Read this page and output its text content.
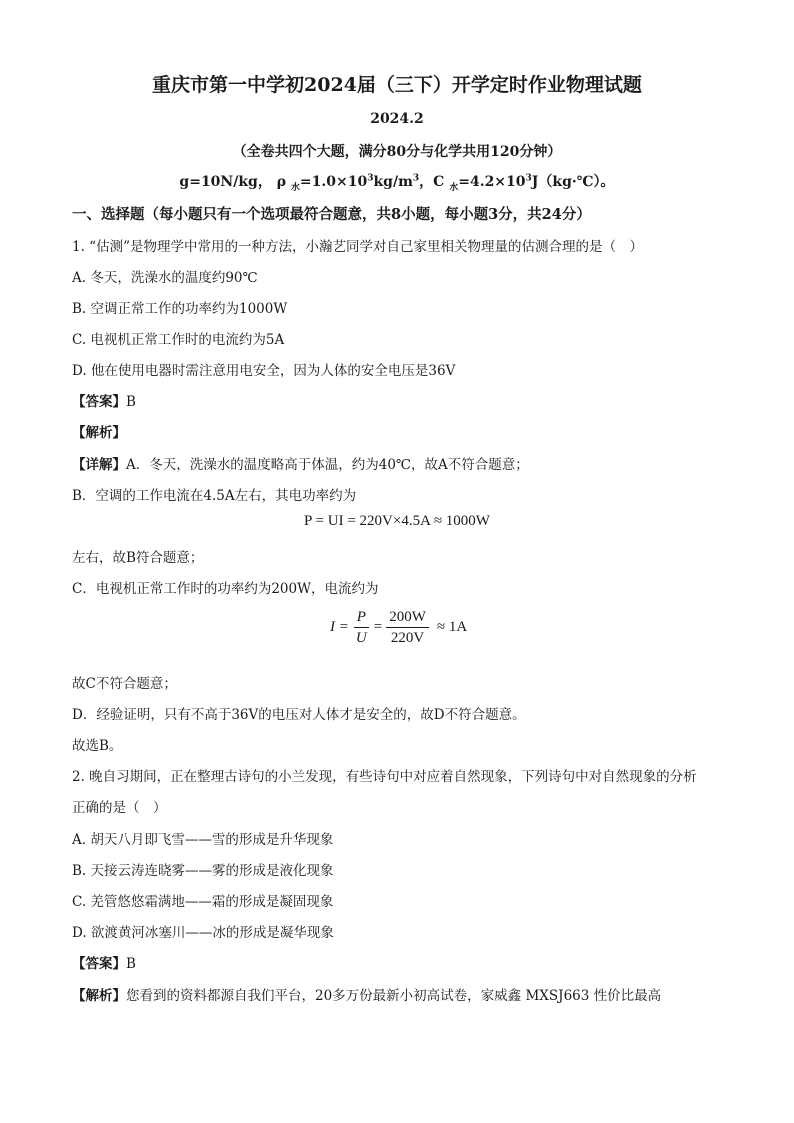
重庆市第一中学初2024届（三下）开学定时作业物理试题
2024.2
（全卷共四个大题，满分80分与化学共用120分钟）
g=10N/kg， ρ $_水=1.0\times 10^3kg/m^3$，C $_水=4.2\times 10^3J(kg\cdot℃)$。
一、选择题（每小题只有一个选项最符合题意，共8小题，每小题3分，共24分）
1. “估测”是物理学中常用的一种方法，小瀚艺同学对自己家里相关物理量的估测合理的是（　）
A. 冬天，洗澡水的温度约90℃
B. 空调正常工作的功率约为1000W
C. 电视机正常工作时的电流约为5A
D. 他在使用电器时需注意用电安全，因为人体的安全电压是36V
【答案】B
【解析】
【详解】A．冬天，洗澡水的温度略高于体温，约为40℃，故A不符合题意；
B．空调的工作电流在4.5A左右，其电功率约为
P = UI = 220V×4.5A ≈ 1000W
左右，故B符合题意；
C．电视机正常工作时的功率约为200W，电流约为
$I = \frac{P}{U} = \frac{200W}{220V} \approx 1A$
故C不符合题意；
D．经验证明，只有不高于36V的电压对人体才是安全的，故D不符合题意。
故选B。
2. 晚自习期间，正在整理古诗句的小兰发现，有些诗句中对应着自然现象，下列诗句中对自然现象的分析
正确的是（　）
A. 胡天八月即飞雪——雪的形成是升华现象
B. 天接云涛连晓雾——雾的形成是液化现象
C. 羌管悠悠霜满地——霜的形成是凝固现象
D. 欲渡黄河冰塞川——冰的形成是凝华现象
【答案】B
【解析】您看到的资料都源自我们平台，20多万份最新小初高试卷，家威鑫 MXSJ663 性价比最高
